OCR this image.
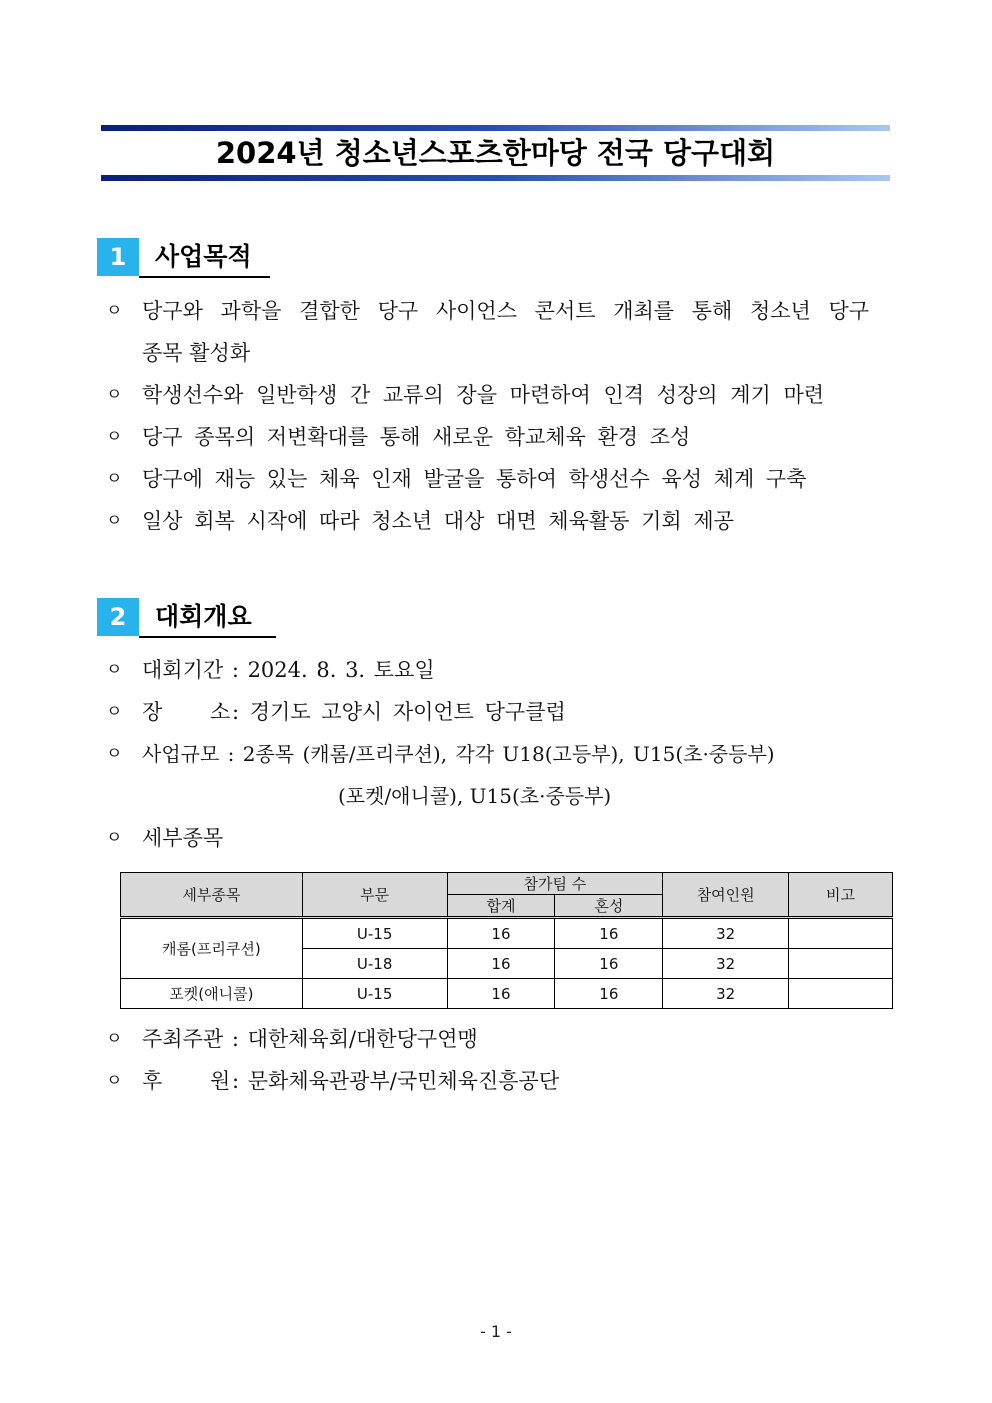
2024년 청소년스포츠한마당 전국 당구대회
1	사업목적
ㅇ 당구와 과학을 결합한 당구 사이언스 콘서트 개최를 통해 청소년 당구
종목 활성화
ㅇ 학생선수와 일반학생 간 교류의 장을 마련하여 인격 성장의 계기 마련
ㅇ 당구 종목의 저변확대를 통해 새로운 학교체육 환경 조성
ㅇ 당구에 재능 있는 체육 인재 발굴을 통하여 학생선수 육성 체계 구축
ㅇ 일상 회복 시작에 따라 청소년 대상 대면 체육활동 기회 제공
2	대회개요
ㅇ 대회기간 : 2024. 8. 3. 토요일
ㅇ 장 소 : 경기도 고양시 자이언트 당구클럽
ㅇ 사업규모 : 2종목 (캐롬/프리쿠션), 각각 U18(고등부), U15(초·중등부)
(포켓/애니콜), U15(초·중등부)
ㅇ 세부종목
세부종목	부문	참가팀 수		참여인원	비고
		합계	혼성		
캐롬(프리쿠션)	U-15	16	16	32	
	U-18	16	16	32	
포켓(애니콜)	U-15	16	16	32	
ㅇ 주최주관 : 대한체육회/대한당구연맹
ㅇ 후 원 : 문화체육관광부/국민체육진흥공단
- 1 -
